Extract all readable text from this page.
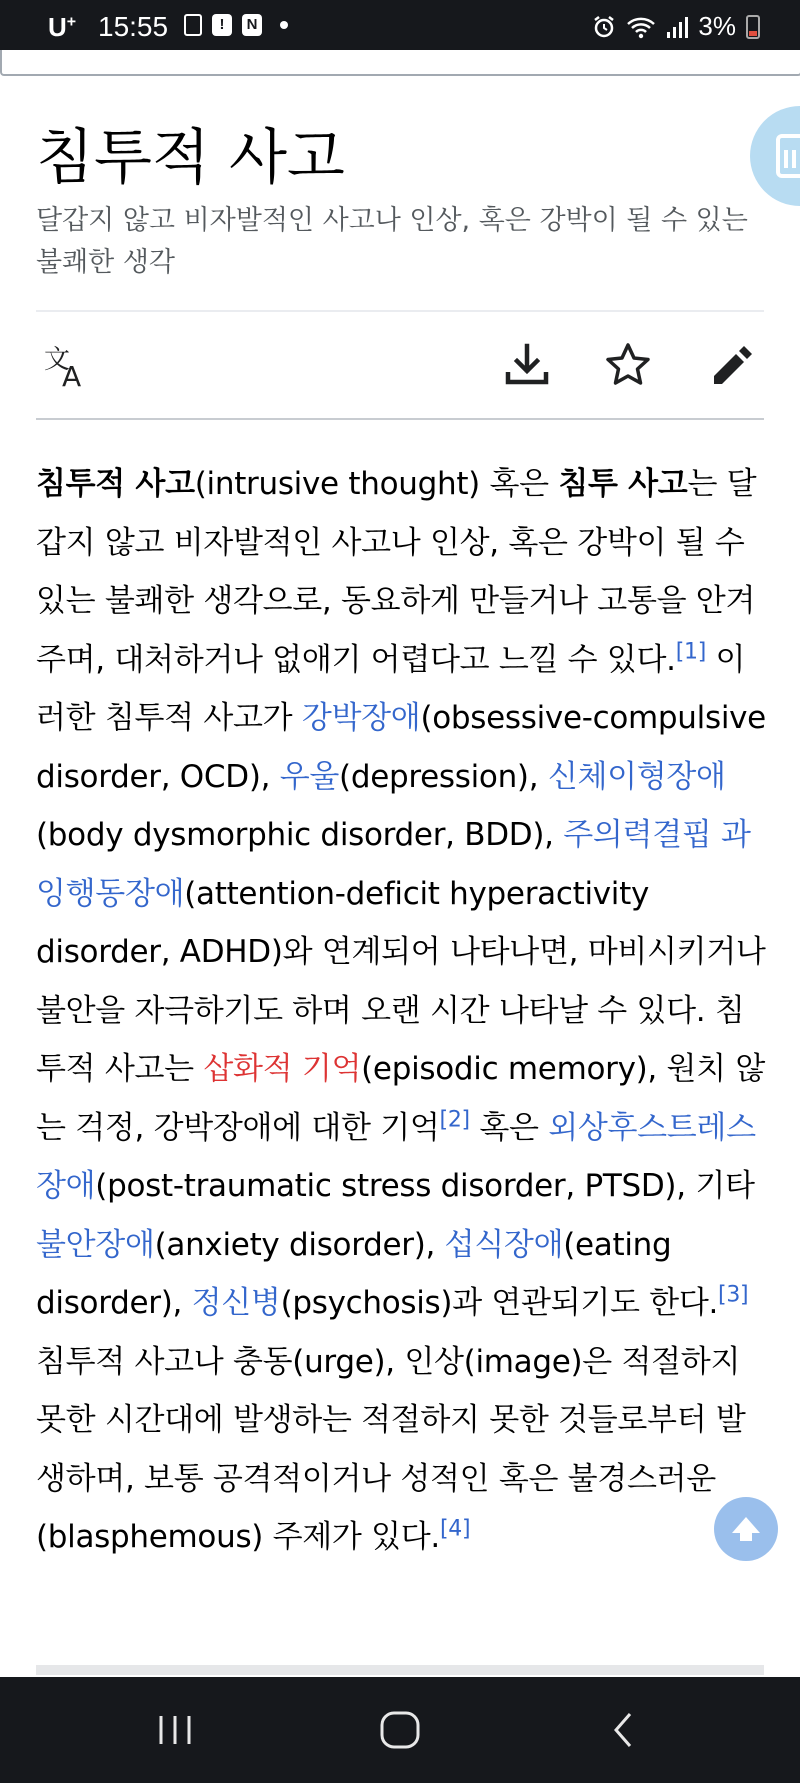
U+ 15:55	!	N	3%
침투적 사고
달갑지 않고 비자발적인 사고나 인상, 혹은 강박이 될 수 있는 불쾌한 생각
文
A
침투적 사고(intrusive thought) 혹은 침투 사고는 달갑지 않고 비자발적인 사고나 인상, 혹은 강박이 될 수 있는 불쾌한 생각으로, 동요하게 만들거나 고통을 안겨 주며, 대처하거나 없애기 어렵다고 느낄 수 있다.[1] 이러한 침투적 사고가 강박장애(obsessive-compulsive disorder, OCD), 우울(depression), 신체이형장애(body dysmorphic disorder, BDD), 주의력결핍 과잉행동장애(attention-deficit hyperactivity disorder, ADHD)와 연계되어 나타나면, 마비시키거나 불안을 자극하기도 하며 오랜 시간 나타날 수 있다. 침투적 사고는 삽화적 기억(episodic memory), 원치 않는 걱정, 강박장애에 대한 기억[2] 혹은 외상후스트레스장애(post-traumatic stress disorder, PTSD), 기타 불안장애(anxiety disorder), 섭식장애(eating disorder), 정신병(psychosis)과 연관되기도 한다.[3] 침투적 사고나 충동(urge), 인상(image)은 적절하지 못한 시간대에 발생하는 적절하지 못한 것들로부터 발생하며, 보통 공격적이거나 성적인 혹은 불경스러운(blasphemous) 주제가 있다.[4]
